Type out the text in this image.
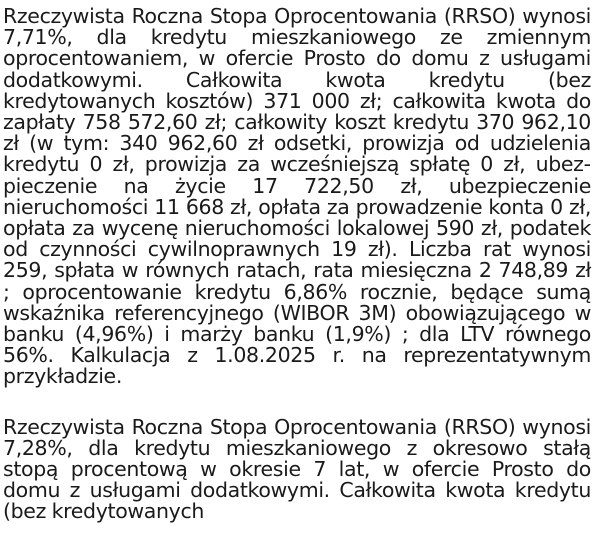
Rzeczywista Roczna Stopa Oprocentowania (RRSO) wynosi 7,71%, dla kredytu mieszkaniowego ze zmiennym oprocentowaniem, w ofercie Prosto do domu z usługami dodatkowymi. Całkowita kwota kredytu (bez kredytowanych kosztów) 371 000 zł; całkowita kwota do zapłaty 758 572,60 zł; całkowity koszt kredytu 370 962,10 zł (w tym: 340 962,60 zł odsetki, prowizja od udzielenia kredytu 0 zł, prowizja za wcześniejszą spłatę 0 zł, ubezpieczenie na życie 17 722,50 zł, ubezpieczenie nieruchomości 11 668 zł, opłata za prowadzenie konta 0 zł, opłata za wycenę nieruchomości lokalowej 590 zł, podatek od czynności cywilnoprawnych 19 zł). Liczba rat wynosi 259, spłata w równych ratach, rata miesięczna 2 748,89 zł ; oprocentowanie kredytu 6,86% rocznie, będące sumą wskaźnika referencyjnego (WIBOR 3M) obowiązującego w banku (4,96%) i marży banku (1,9%) ; dla LTV równego 56%. Kalkulacja z 1.08.2025 r. na reprezentatywnym przykładzie.

Rzeczywista Roczna Stopa Oprocentowania (RRSO) wynosi 7,28%, dla kredytu mieszkaniowego z okresowo stałą stopą procentową w okresie 7 lat, w ofercie Prosto do domu z usługami dodatkowymi. Całkowita kwota kredytu (bez kredytowanych
